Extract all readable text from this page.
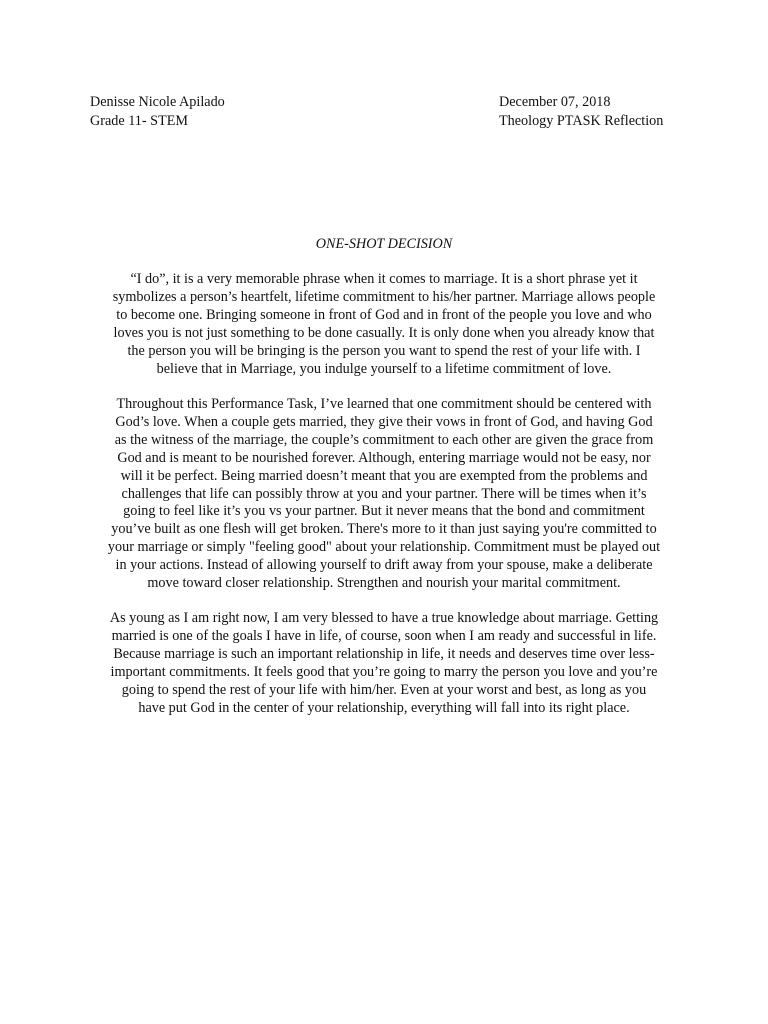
Denisse Nicole Apilado
Grade 11- STEM
December 07, 2018
Theology PTASK Reflection
ONE-SHOT DECISION
“I do”, it is a very memorable phrase when it comes to marriage. It is a short phrase yet it
symbolizes a person’s heartfelt, lifetime commitment to his/her partner. Marriage allows people
to become one. Bringing someone in front of God and in front of the people you love and who
loves you is not just something to be done casually. It is only done when you already know that
the person you will be bringing is the person you want to spend the rest of your life with. I
believe that in Marriage, you indulge yourself to a lifetime commitment of love.
Throughout this Performance Task, I’ve learned that one commitment should be centered with
God’s love. When a couple gets married, they give their vows in front of God, and having God
as the witness of the marriage, the couple’s commitment to each other are given the grace from
God and is meant to be nourished forever. Although, entering marriage would not be easy, nor
will it be perfect. Being married doesn’t meant that you are exempted from the problems and
challenges that life can possibly throw at you and your partner. There will be times when it’s
going to feel like it’s you vs your partner. But it never means that the bond and commitment
you’ve built as one flesh will get broken. There's more to it than just saying you're committed to
your marriage or simply "feeling good" about your relationship. Commitment must be played out
in your actions. Instead of allowing yourself to drift away from your spouse, make a deliberate
move toward closer relationship. Strengthen and nourish your marital commitment.
As young as I am right now, I am very blessed to have a true knowledge about marriage. Getting
married is one of the goals I have in life, of course, soon when I am ready and successful in life.
Because marriage is such an important relationship in life, it needs and deserves time over less-
important commitments. It feels good that you’re going to marry the person you love and you’re
going to spend the rest of your life with him/her. Even at your worst and best, as long as you
have put God in the center of your relationship, everything will fall into its right place.
